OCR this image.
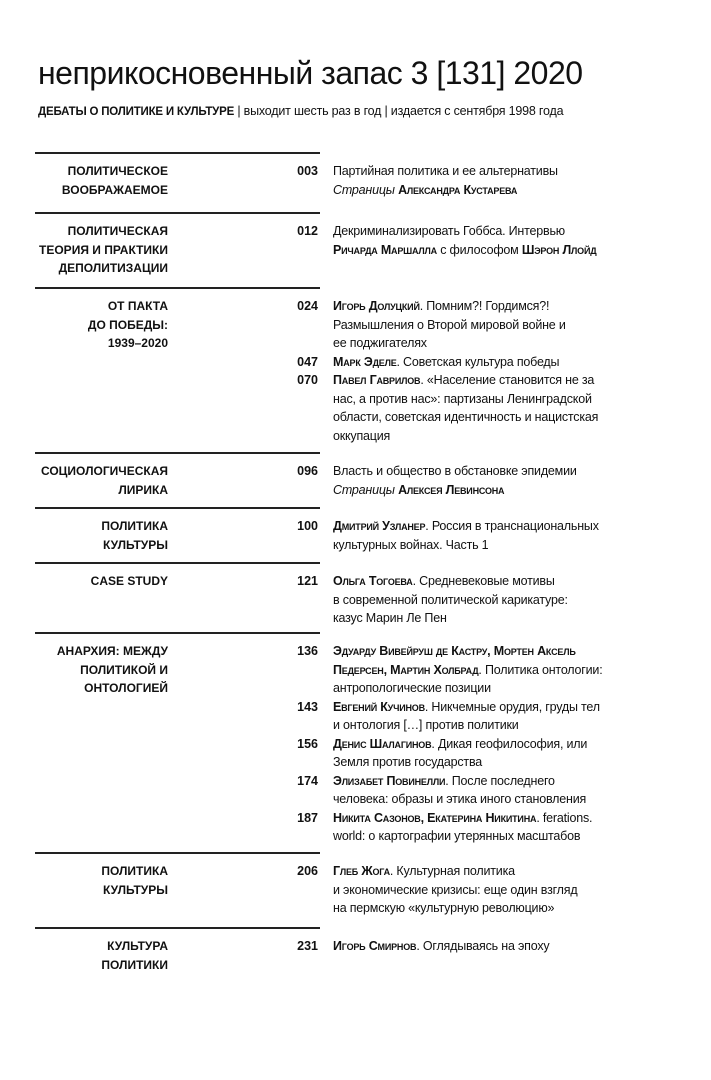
неприкосновенный запас 3 [131] 2020
ДЕБАТЫ О ПОЛИТИКЕ И КУЛЬТУРЕ | выходит шесть раз в год | издается с сентября 1998 года
ПОЛИТИЧЕСКОЕ
ВООБРАЖАЕМОЕ
003 Партийная политика и ее альтернативы
Страницы Александра Кустарева
ПОЛИТИЧЕСКАЯ
ТЕОРИЯ И ПРАКТИКИ
ДЕПОЛИТИЗАЦИИ
012 Декриминализировать Гоббса. Интервью
Ричарда Маршалла с философом Шэрон Ллойд
ОТ ПАКТА
ДО ПОБЕДЫ:
1939–2020
024 Игорь Долуцкий. Помним?! Гордимся?!
Размышления о Второй мировой войне и
ее поджигателях
047 Марк Эделе. Советская культура победы
070 Павел Гаврилов. «Население становится не за
нас, а против нас»: партизаны Ленинградской
области, советская идентичность и нацистская
оккупация
СОЦИОЛОГИЧЕСКАЯ
ЛИРИКА
096 Власть и общество в обстановке эпидемии
Страницы Алексея Левинсона
ПОЛИТИКА
КУЛЬТУРЫ
100 Дмитрий Узланер. Россия в транснациональных
культурных войнах. Часть 1
CASE STUDY	121 Ольга Тогоева. Средневековые мотивы
в современной политической карикатуре:
казус Марин Ле Пен
АНАРХИЯ: МЕЖДУ
ПОЛИТИКОЙ И
ОНТОЛОГИЕЙ
136 Эдуарду Вивейруш де Кастру, Мортен Аксель
Педерсен, Мартин Холбрад. Политика онтологии:
антропологические позиции
143 Евгений Кучинов. Никчемные орудия, груды тел
и онтология […] против политики
156 Денис Шалагинов. Дикая геофилософия, или
Земля против государства
174 Элизабет Повинелли. После последнего
человека: образы и этика иного становления
187 Никита Сазонов, Екатерина Никитина. ferations.
world: о картографии утерянных масштабов
ПОЛИТИКА
КУЛЬТУРЫ
206 Глеб Жога. Культурная политика
и экономические кризисы: еще один взгляд
на пермскую «культурную революцию»
КУЛЬТУРА
ПОЛИТИКИ
231 Игорь Смирнов. Оглядываясь на эпоху
